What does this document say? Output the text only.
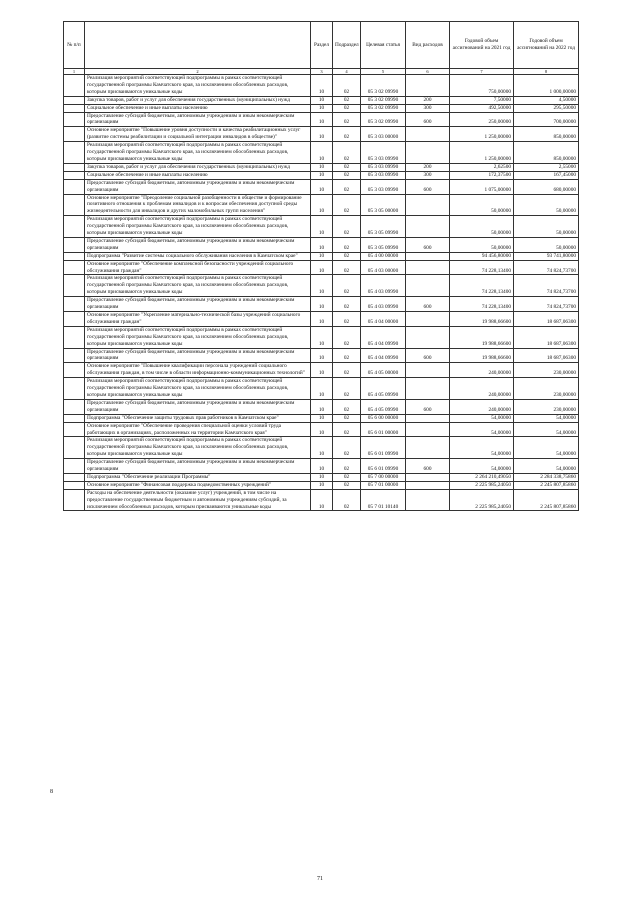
№ п/п		Раздел	Подраздел	Целевая статья	Вид расходов	Годовой объем ассигнований на 2021 год	Годовой объем ассигнований на 2022 год
1	2	3	4	5	6	7	8
	Реализация мероприятий соответствующей подпрограммы в рамках соответствующей государственной программы Камчатского края, за исключением обособленных расходов, которым присваиваются уникальные коды	10	02	05 3 02 09990		750,00000	1 000,00000
	Закупка товаров, работ и услуг для обеспечения государственных (муниципальных) нужд	10	02	05 3 02 09990	200	7,50000	4,50000
	Социальное обеспечение и иные выплаты населению	10	02	05 3 02 09990	300	492,50000	295,50000
	Предоставление субсидий бюджетным, автономным учреждениям и иным некоммерческим организациям	10	02	05 3 02 09990	600	250,00000	700,00000
	Основное мероприятие "Повышение уровня доступности и качества реабилитационных услуг (развитие системы реабилитации и социальной интеграции инвалидов в обществе)"	10	02	05 3 03 00000		1 250,00000	850,00000
	Реализация мероприятий соответствующей подпрограммы в рамках соответствующей государственной программы Камчатского края, за исключением обособленных расходов, которым присваиваются уникальные коды	10	02	05 3 03 09990		1 250,00000	850,00000
	Закупка товаров, работ и услуг для обеспечения государственных (муниципальных) нужд	10	02	05 3 03 09990	200	2,62500	2,55000
	Социальное обеспечение и иные выплаты населению	10	02	05 3 03 09990	300	172,37500	167,45000
	Предоставление субсидий бюджетным, автономным учреждениям и иным некоммерческим организациям	10	02	05 3 03 09990	600	1 075,00000	680,00000
	Основное мероприятие "Преодоление социальной разобщенности в обществе и формирование позитивного отношения к проблемам инвалидов и к вопросам обеспечения доступной среды жизнедеятельности для инвалидов и других маломобильных групп населения"	10	02	05 3 05 00000		50,00000	50,00000
	Реализация мероприятий соответствующей подпрограммы в рамках соответствующей государственной программы Камчатского края, за исключением обособленных расходов, которым присваиваются уникальные коды	10	02	05 3 05 09990		50,00000	50,00000
	Предоставление субсидий бюджетным, автономным учреждениям и иным некоммерческим организациям	10	02	05 3 05 09990	600	50,00000	50,00000
	Подпрограмма "Развитие системы социального обслуживания населения в Камчатском крае"	10	02	05 4 00 00000		94 456,80000	93 741,80000
	Основное мероприятие "Обеспечение комплексной безопасности учреждений социального обслуживания граждан"	10	02	05 4 03 00000		74 228,13400	74 824,73700
	Реализация мероприятий соответствующей подпрограммы в рамках соответствующей государственной программы Камчатского края, за исключением обособленных расходов, которым присваиваются уникальные коды	10	02	05 4 03 09990		74 228,13400	74 824,73700
	Предоставление субсидий бюджетным, автономным учреждениям и иным некоммерческим организациям	10	02	05 4 03 09990	600	74 228,13400	74 824,73700
	Основное мероприятие "Укрепление материально-технической базы учреждений социального обслуживания граждан"	10	02	05 4 04 00000		19 988,66600	18 687,06300
	Реализация мероприятий соответствующей подпрограммы в рамках соответствующей государственной программы Камчатского края, за исключением обособленных расходов, которым присваиваются уникальные коды	10	02	05 4 04 09990		19 988,66600	18 687,06300
	Предоставление субсидий бюджетным, автономным учреждениям и иным некоммерческим организациям	10	02	05 4 04 09990	600	19 988,66600	18 687,06300
	Основное мероприятие "Повышение квалификации персонала учреждений социального обслуживания граждан, в том числе в области информационно-коммуникационных технологий"	10	02	05 4 05 00000		240,00000	230,00000
	Реализация мероприятий соответствующей подпрограммы в рамках соответствующей государственной программы Камчатского края, за исключением обособленных расходов, которым присваиваются уникальные коды	10	02	05 4 05 09990		240,00000	230,00000
	Предоставление субсидий бюджетным, автономным учреждениям и иным некоммерческим организациям	10	02	05 4 05 09990	600	240,00000	230,00000
	Подпрограмма "Обеспечение защиты трудовых прав работников в Камчатском крае"	10	02	05 6 00 00000		54,00000	54,00000
	Основное мероприятие "Обеспечение проведения специальной оценки условий труда работающих в организациях, расположенных на территории Камчатского края"	10	02	05 6 01 00000		54,00000	54,00000
	Реализация мероприятий соответствующей подпрограммы в рамках соответствующей государственной программы Камчатского края, за исключением обособленных расходов, которым присваиваются уникальные коды	10	02	05 6 01 09990		54,00000	54,00000
	Предоставление субсидий бюджетным, автономным учреждениям и иным некоммерческим организациям	10	02	05 6 01 09990	600	54,00000	54,00000
	Подпрограмма "Обеспечение реализации Программы"	10	02	05 7 00 00000		2 264 210,49050	2 284 338,75860
	Основное мероприятие "Финансовая поддержка подведомственных учреждений"	10	02	05 7 01 00000		2 225 985,24050	2 245 807,85860
	Расходы на обеспечение деятельности (оказание услуг) учреждений, в том числе на предоставление государственным бюджетным и автономным учреждениям субсидий, за исключением обособленных расходов, которым присваиваются уникальные коды	10	02	05 7 01 10140		2 225 985,24050	2 245 807,85860
8
71
